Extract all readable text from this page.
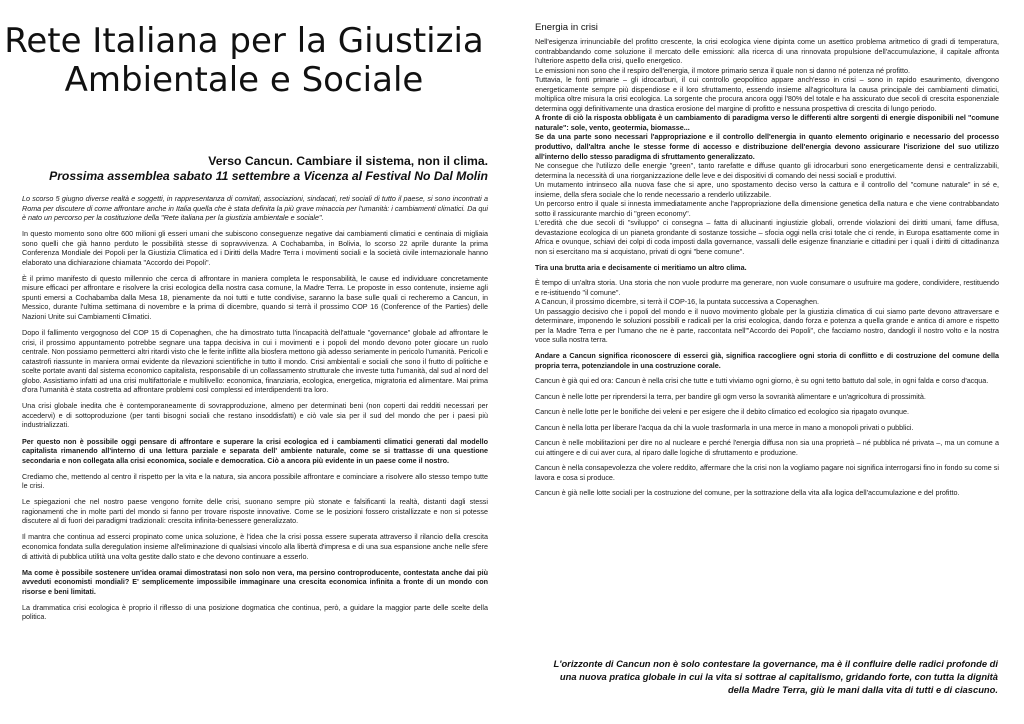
Rete Italiana per la Giustizia Ambientale e Sociale

Verso Cancun. Cambiare il sistema, non il clima.
Prossima assemblea sabato 11 settembre a Vicenza al Festival No Dal Molin

Lo scorso 5 giugno diverse realtà e soggetti, in rappresentanza di comitati, associazioni, sindacati, reti sociali di tutto il paese, si sono incontrati a Roma per discutere di come affrontare anche in Italia quella che è stata definita la più grave minaccia per l'umanità: i cambiamenti climatici. Da qui è nato un percorso per la costituzione della "Rete italiana per la giustizia ambientale e sociale".

In questo momento sono oltre 600 milioni gli esseri umani che subiscono conseguenze negative dai cambiamenti climatici e centinaia di migliaia sono quelli che già hanno perduto le possibilità stesse di sopravvivenza. A Cochabamba, in Bolivia, lo scorso 22 aprile durante la prima Conferenza Mondiale dei Popoli per la Giustizia Climatica ed i Diritti della Madre Terra i movimenti sociali e la società civile internazionale hanno elaborato una dichiarazione chiamata "Accordo dei Popoli".

È il primo manifesto di questo millennio che cerca di affrontare in maniera completa le responsabilità, le cause ed individuare concretamente misure efficaci per affrontare e risolvere la crisi ecologica della nostra casa comune, la Madre Terra. Le proposte in esso contenute, insieme agli spunti emersi a Cochabamba dalla Mesa 18, pienamente da noi tutti e tutte condivise, saranno la base sulle quali ci recheremo a Cancun, in Messico, durante l'ultima settimana di novembre e la prima di dicembre, quando si terrà il prossimo COP 16 (Conference of the Parties) delle Nazioni Unite sui Cambiamenti Climatici.

Dopo il fallimento vergognoso del COP 15 di Copenaghen, che ha dimostrato tutta l'incapacità dell'attuale "governance" globale ad affrontare le crisi, il prossimo appuntamento potrebbe segnare una tappa decisiva in cui i movimenti e i popoli del mondo devono poter giocare un ruolo centrale. Non possiamo permetterci altri ritardi visto che le ferite inflitte alla biosfera mettono già adesso seriamente in pericolo l'umanità. Pericoli e catastrofi riassunte in maniera ormai evidente da rilevazioni scientifiche in tutto il mondo. Crisi ambientali e sociali che sono il frutto di politiche e scelte portate avanti dal sistema economico capitalista, responsabile di un collassamento strutturale che investe tutta l'umanità, dal sud al nord del globo. Assistiamo infatti ad una crisi multifattoriale e multilivello: economica, finanziaria, ecologica, energetica, migratoria ed alimentare. Mai prima d'ora l'umanità è stata costretta ad affrontare problemi così complessi ed interdipendenti tra loro.

Una crisi globale inedita che è contemporaneamente di sovrapproduzione, almeno per determinati beni (non coperti dai redditi necessari per accedervi) e di sottoproduzione (per tanti bisogni sociali che restano insoddisfatti) e ciò vale sia per il sud del mondo che per i paesi più industrializzati.

Per questo non è possibile oggi pensare di affrontare e superare la crisi ecologica ed i cambiamenti climatici generati dal modello capitalista rimanendo all'interno di una lettura parziale e separata dell' ambiente naturale, come se si trattasse di una questione secondaria e non collegata alla crisi economica, sociale e democratica. Ciò a ancora più evidente in un paese come il nostro.

Crediamo che, mettendo al centro il rispetto per la vita e la natura, sia ancora possibile affrontare e cominciare a risolvere allo stesso tempo tutte le crisi.

Le spiegazioni che nel nostro paese vengono fornite delle crisi, suonano sempre più stonate e falsificanti la realtà, distanti dagli stessi ragionamenti che in molte parti del mondo si fanno per trovare risposte innovative. Come se le posizioni fossero cristallizzate e non si potesse discutere al di fuori dei paradigmi tradizionali: crescita infinita-benessere generalizzato.

Il mantra che continua ad esserci propinato come unica soluzione, è l'idea che la crisi possa essere superata attraverso il rilancio della crescita economica fondata sulla deregulation insieme all'eliminazione di qualsiasi vincolo alla libertà d'impresa e di una sua espansione anche nelle sfere di attività di pubblica utilità una volta gestite dallo stato e che devono continuare a esserlo.

Ma come è possibile sostenere un'idea oramai dimostratasi non solo non vera, ma persino controproducente, contestata anche dai più avveduti economisti mondiali? E' semplicemente impossibile immaginare una crescita economica infinita a fronte di un mondo con risorse e beni limitati.

La drammatica crisi ecologica è proprio il riflesso di una posizione dogmatica che continua, però, a guidare la maggior parte delle scelte della politica.

Energia in crisi

Nell'esigenza irrinunciabile del profitto crescente, la crisi ecologica viene dipinta come un asettico problema aritmetico di gradi di temperatura, contrabbandando come soluzione il mercato delle emissioni: alla ricerca di una rinnovata propulsione dell'accumulazione, il capitale affronta l'ulteriore aspetto della crisi, quello energetico.

Le emissioni non sono che il respiro dell'energia, il motore primario senza il quale non si danno né potenza né profitto.

Tuttavia, le fonti primarie – gli idrocarburi, il cui controllo geopolitico appare anch'esso in crisi – sono in rapido esaurimento, divengono energeticamente sempre più dispendiose e il loro sfruttamento, essendo insieme all'agricoltura la causa principale dei cambiamenti climatici, moltiplica oltre misura la crisi ecologica. La sorgente che procura ancora oggi l'80% del totale e ha assicurato due secoli di crescita esponenziale determina oggi definitivamente una drastica erosione del margine di profitto e nessuna prospettiva di crescita di lungo periodo.

A fronte di ciò la risposta obbligata è un cambiamento di paradigma verso le differenti altre sorgenti di energie disponibili nel "comune naturale": sole, vento, geotermia, biomasse...

Se da una parte sono necessari l'appropriazione e il controllo dell'energia in quanto elemento originario e necessario del processo produttivo, dall'altra anche le stesse forme di accesso e distribuzione dell'energia devono assicurare l'iscrizione del suo utilizzo all'interno dello stesso paradigma di sfruttamento generalizzato.

Ne consegue che l'utilizzo delle energie "green", tanto rarefatte e diffuse quanto gli idrocarburi sono energeticamente densi e centralizzabili, determina la necessità di una riorganizzazione delle leve e dei dispositivi di comando dei nessi sociali e produttivi.

Un mutamento intrinseco alla nuova fase che si apre, uno spostamento deciso verso la cattura e il controllo del "comune naturale" in sé e, insieme, della sfera sociale che lo rende necessario a renderlo utilizzabile.

Un percorso entro il quale si innesta immediatamente anche l'appropriazione della dimensione genetica della natura e che viene contrabbandato sotto il rassicurante marchio di "green economy".

L'eredità che due secoli di "sviluppo" ci consegna – fatta di allucinanti ingiustizie globali, orrende violazioni dei diritti umani, fame diffusa, devastazione ecologica di un pianeta grondante di sostanze tossiche – sfocia oggi nella crisi totale che ci rende, in Europa esattamente come in Africa e ovunque, schiavi dei colpi di coda imposti dalla governance, vassalli delle esigenze finanziarie e cittadini per i quali i diritti di cittadinanza non si esercitano ma si acquistano, privati di ogni "bene comune".

Tira una brutta aria e decisamente ci meritiamo un altro clima.

È tempo di un'altra storia. Una storia che non vuole produrre ma generare, non vuole consumare o usufruire ma godere, condividere, restituendo e re-istituendo "il comune".

A Cancun, il prossimo dicembre, si terrà il COP-16, la puntata successiva a Copenaghen.

Un passaggio decisivo che i popoli del mondo e il nuovo movimento globale per la giustizia climatica di cui siamo parte devono attraversare e determinare, imponendo le soluzioni possibili e radicali per la crisi ecologica, dando forza e potenza a quella grande e antica di amore e rispetto per la Madre Terra e per l'umano che ne è parte, raccontata nell'"Accordo dei Popoli", che facciamo nostro, dandogli il nostro volto e la nostra voce sulla nostra terra.

Andare a Cancun significa riconoscere di esserci già, significa raccogliere ogni storia di conflitto e di costruzione del comune della propria terra, potenziandole in una costruzione corale.

Cancun è già qui ed ora: Cancun è nella crisi che tutte e tutti viviamo ogni giorno, è su ogni tetto battuto dal sole, in ogni falda e corso d'acqua.

Cancun è nelle lotte per riprendersi la terra, per bandire gli ogm verso la sovranità alimentare e un'agricoltura di prossimità.

Cancun è nelle lotte per le bonifiche dei veleni e per esigere che il debito climatico ed ecologico sia ripagato ovunque.

Cancun è nella lotta per liberare l'acqua da chi la vuole trasformarla in una merce in mano a monopoli privati o pubblici.

Cancun è nelle mobilitazioni per dire no al nucleare e perché l'energia diffusa non sia una proprietà – né pubblica né privata –, ma un comune a cui attingere e di cui aver cura, al riparo dalle logiche di sfruttamento e produzione.

Cancun è nella consapevolezza che volere reddito, affermare che la crisi non la vogliamo pagare noi significa interrogarsi fino in fondo su come si lavora e cosa si produce.

Cancun è già nelle lotte sociali per la costruzione del comune, per la sottrazione della vita alla logica dell'accumulazione e del profitto.

L'orizzonte di Cancun non è solo contestare la governance, ma è il confluire delle radici profonde di una nuova pratica globale in cui la vita si sottrae al capitalismo, gridando forte, con tutta la dignità della Madre Terra, giù le mani dalla vita di tutti e di ciascuno.
